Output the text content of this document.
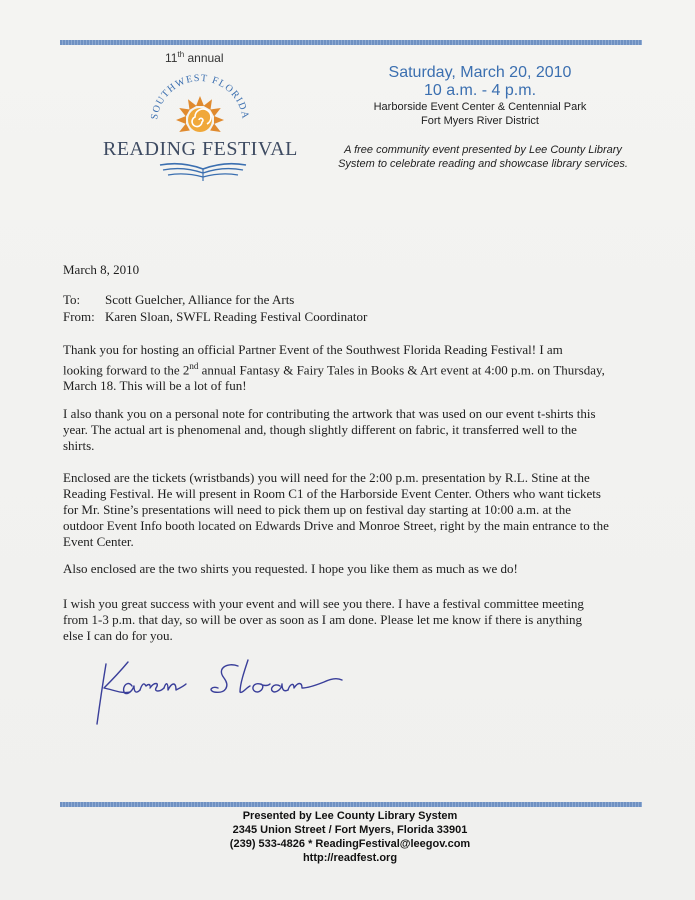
11th annual
SOUTHWEST FLORIDA
READING FESTIVAL
Saturday, March 20, 2010
10 a.m. - 4 p.m.
Harborside Event Center & Centennial Park
Fort Myers River District
A free community event presented by Lee County Library
System to celebrate reading and showcase library services.
March 8, 2010
To: Scott Guelcher, Alliance for the Arts
From: Karen Sloan, SWFL Reading Festival Coordinator
Thank you for hosting an official Partner Event of the Southwest Florida Reading Festival! I am
looking forward to the 2nd annual Fantasy & Fairy Tales in Books & Art event at 4:00 p.m. on Thursday,
March 18. This will be a lot of fun!
I also thank you on a personal note for contributing the artwork that was used on our event t-shirts this
year. The actual art is phenomenal and, though slightly different on fabric, it transferred well to the
shirts.
Enclosed are the tickets (wristbands) you will need for the 2:00 p.m. presentation by R.L. Stine at the
Reading Festival. He will present in Room C1 of the Harborside Event Center. Others who want tickets
for Mr. Stine’s presentations will need to pick them up on festival day starting at 10:00 a.m. at the
outdoor Event Info booth located on Edwards Drive and Monroe Street, right by the main entrance to the
Event Center.
Also enclosed are the two shirts you requested. I hope you like them as much as we do!
I wish you great success with your event and will see you there. I have a festival committee meeting
from 1-3 p.m. that day, so will be over as soon as I am done. Please let me know if there is anything
else I can do for you.
Presented by Lee County Library System
2345 Union Street / Fort Myers, Florida 33901
(239) 533-4826 * ReadingFestival@leegov.com
http://readfest.org
